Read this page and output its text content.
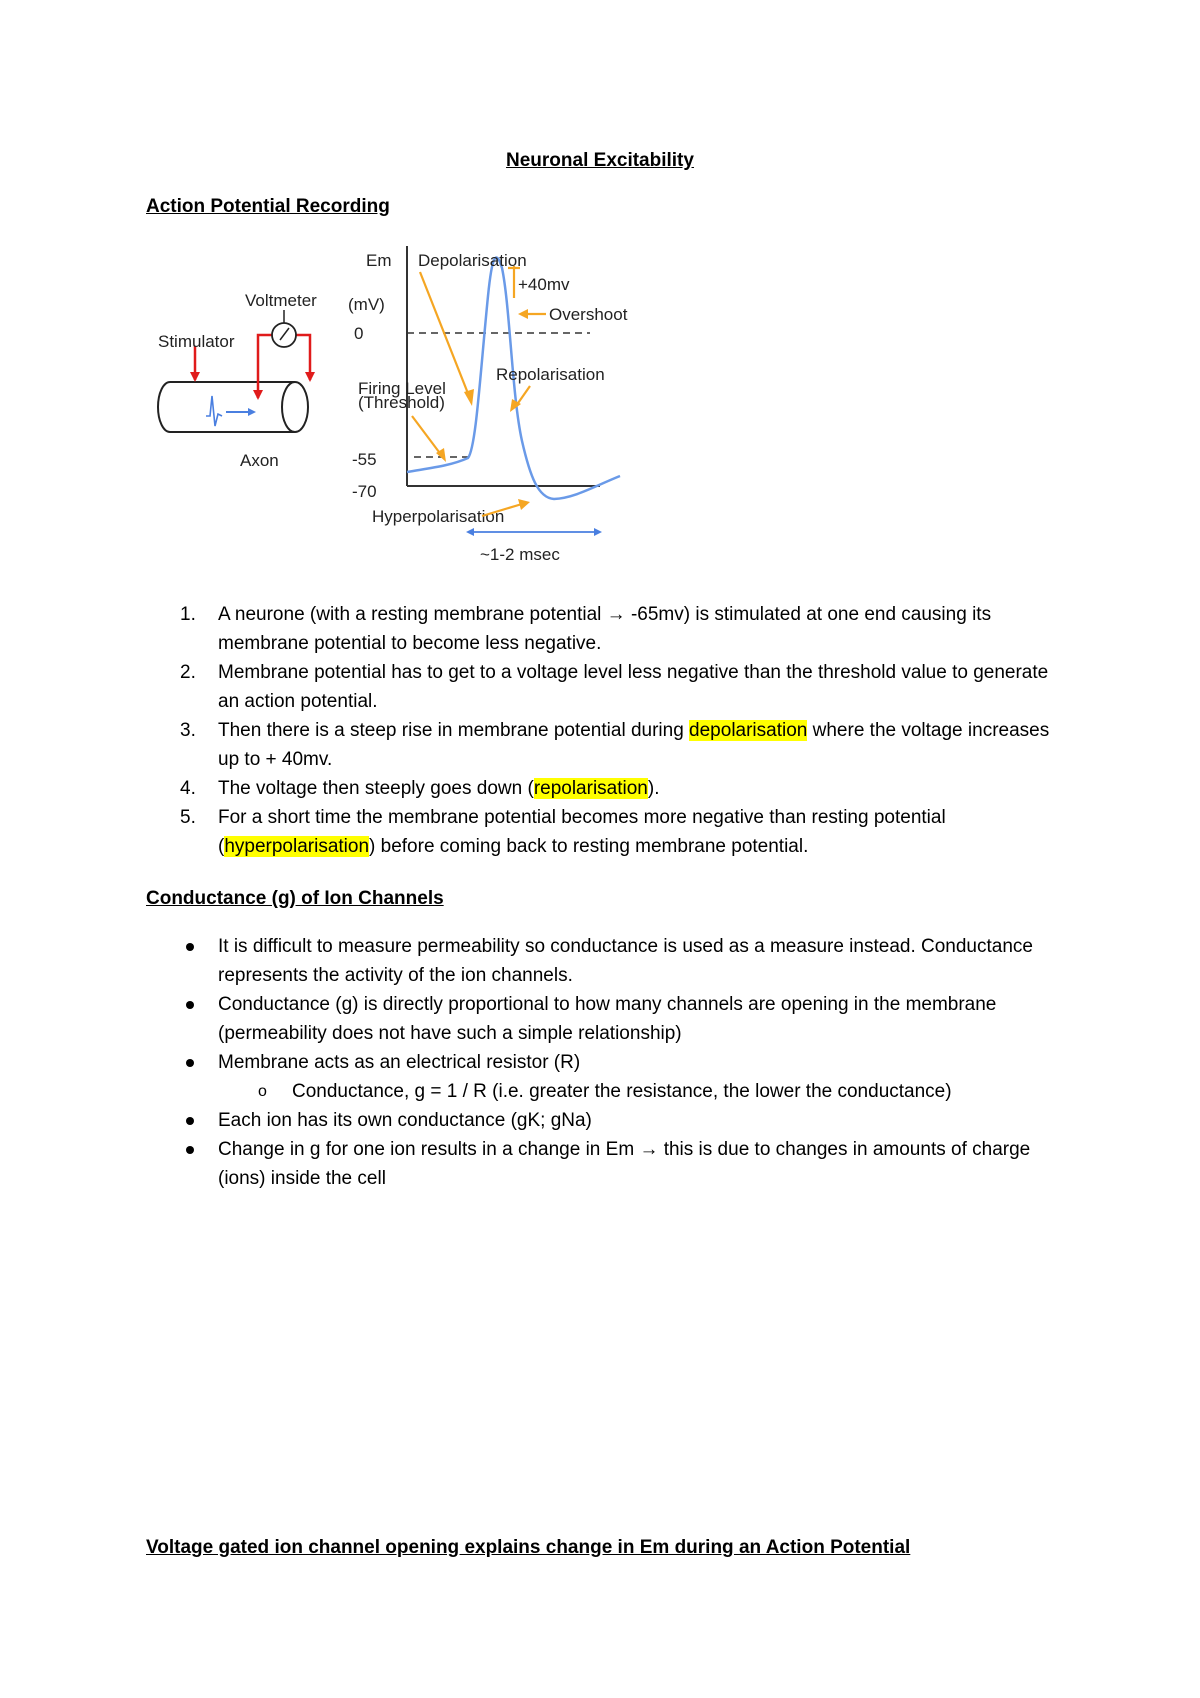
Neuronal Excitability
Action Potential Recording
Voltmeter
Stimulator
Axon
Em
(mV)
0
-55
-70
Depolarisation
+40mv
Overshoot
Firing Level
(Threshold)
Repolarisation
Hyperpolarisation
~1-2 msec
1. A neurone (with a resting membrane potential → -65mv) is stimulated at one end causing its membrane potential to become less negative.
2. Membrane potential has to get to a voltage level less negative than the threshold value to generate an action potential.
3. Then there is a steep rise in membrane potential during depolarisation where the voltage increases up to + 40mv.
4. The voltage then steeply goes down (repolarisation).
5. For a short time the membrane potential becomes more negative than resting potential (hyperpolarisation) before coming back to resting membrane potential.
Conductance (g) of Ion Channels
It is difficult to measure permeability so conductance is used as a measure instead. Conductance represents the activity of the ion channels.
Conductance (g) is directly proportional to how many channels are opening in the membrane (permeability does not have such a simple relationship)
Membrane acts as an electrical resistor (R)
o Conductance, g = 1 / R (i.e. greater the resistance, the lower the conductance)
Each ion has its own conductance (gK; gNa)
Change in g for one ion results in a change in Em → this is due to changes in amounts of charge (ions) inside the cell
Voltage gated ion channel opening explains change in Em during an Action Potential
